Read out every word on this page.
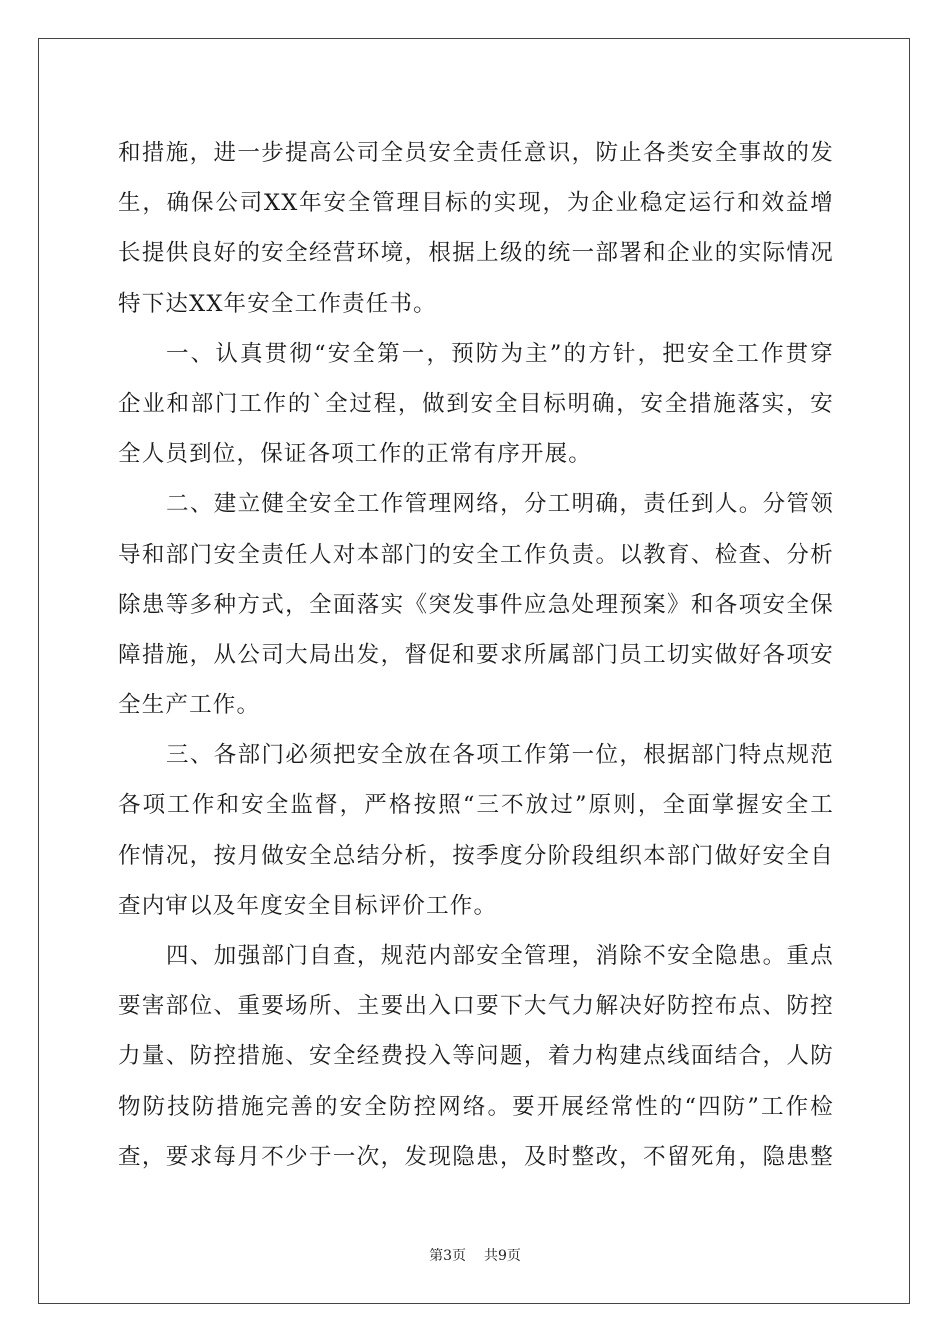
和措施，进一步提高公司全员安全责任意识，防止各类安全事故的发
生，确保公司XX年安全管理目标的实现，为企业稳定运行和效益增
长提供良好的安全经营环境，根据上级的统一部署和企业的实际情况
特下达XX年安全工作责任书。
一、认真贯彻“安全第一，预防为主”的方针，把安全工作贯穿
企业和部门工作的`全过程，做到安全目标明确，安全措施落实，安
全人员到位，保证各项工作的正常有序开展。
二、建立健全安全工作管理网络，分工明确，责任到人。分管领
导和部门安全责任人对本部门的安全工作负责。以教育、检查、分析
除患等多种方式，全面落实《突发事件应急处理预案》和各项安全保
障措施，从公司大局出发，督促和要求所属部门员工切实做好各项安
全生产工作。
三、各部门必须把安全放在各项工作第一位，根据部门特点规范
各项工作和安全监督，严格按照“三不放过”原则，全面掌握安全工
作情况，按月做安全总结分析，按季度分阶段组织本部门做好安全自
查内审以及年度安全目标评价工作。
四、加强部门自查，规范内部安全管理，消除不安全隐患。重点
要害部位、重要场所、主要出入口要下大气力解决好防控布点、防控
力量、防控措施、安全经费投入等问题，着力构建点线面结合，人防
物防技防措施完善的安全防控网络。要开展经常性的“四防”工作检
查，要求每月不少于一次，发现隐患，及时整改，不留死角，隐患整
第3页 共9页
